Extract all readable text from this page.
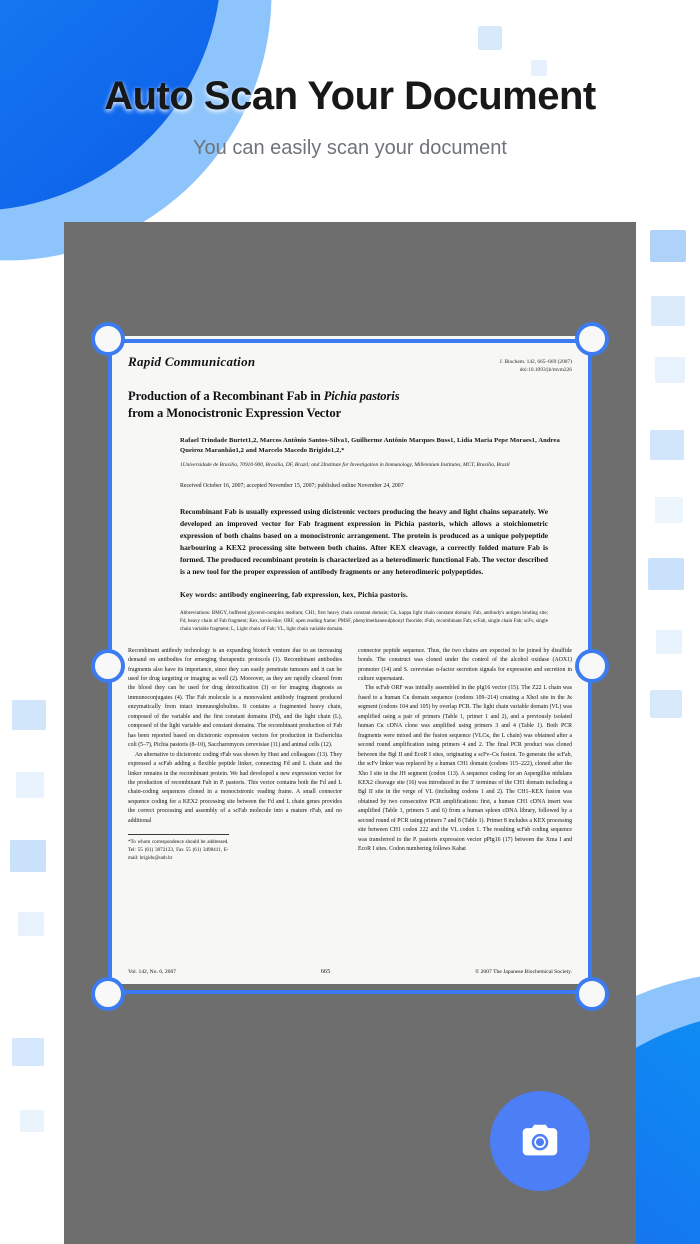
Auto Scan Your Document

You can easily scan your document

Rapid Communication	J. Biochem. 142, 665–669 (2007)
doi:10.1093/jb/mvm226
Production of a Recombinant Fab in Pichia pastoris
from a Monocistronic Expression Vector
Rafael Trindade Burtet1,2, Marcos Antônio Santos-Silva1, Guilherme Antônio Marques Buss1, Lídia Maria Pepe Moraes1, Andrea Queiroz Maranhão1,2 and Marcelo Macedo Brigido1,2,*
1Universidade de Brasília, 70910-900, Brasília, DF, Brazil; and 2Institute for Investigation in Immunology, Millennium Institutes, MCT, Brasília, Brazil
Received October 16, 2007; accepted November 15, 2007; published online November 24, 2007
Recombinant Fab is usually expressed using dicistronic vectors producing the heavy and light chains separately. We developed an improved vector for Fab fragment expression in Pichia pastoris, which allows a stoichiometric expression of both chains based on a monocistronic arrangement. The protein is produced as a unique polypeptide harbouring a KEX2 processing site between both chains. After KEX cleavage, a correctly folded mature Fab is formed. The produced recombinant protein is characterized as a heterodimeric functional Fab. The vector described is a new tool for the proper expression of antibody fragments or any heterodimeric polypeptides.
Key words: antibody engineering, fab expression, kex, Pichia pastoris.
Abbreviations: BMGY, buffered glycerol-complex medium; CH1, first heavy chain constant domain; Cĸ, kappa light chain constant domain; Fab, antibody's antigen binding site; Fd, heavy chain of Fab fragment; Kex, kexin-like; ORF, open reading frame; PMSF, phenylmethanesulphonyl fluoride; rFab, recombinant Fab; scFab, single chain Fab; scFv, single chain variable fragment; L, Light chain of Fab; VL, light chain variable domain.

Recombinant antibody technology is an expanding biotech venture due to an increasing demand on antibodies for emerging therapeutic protocols (1). Recombinant antibodies fragments also have its importance, since they can easily penetrate tumours and it can be used for drug targeting or imaging as well (2). Moreover, as they are rapidly cleared from the blood they can be used for drug detoxification (3) or for imaging diagnosis as immunoconjugates (4). The Fab molecule is a monovalent antibody fragment produced enzymatically from intact immunoglobulins. It contains a fragmented heavy chain, composed of the variable and the first constant domains (Fd), and the light chain (L), composed of the light variable and constant domains. The recombinant production of Fab has been reported based on dicistronic expression vectors for production in Escherichia coli (5–7), Pichia pastoris (8–10), Saccharomyces cerevisiae (11) and animal cells (12).

An alternative to dicistronic coding rFab was shown by Hust and colleagues (13). They expressed a scFab adding a flexible peptide linker, connecting Fd and L chain and the linker remains in the recombinant protein. We had developed a new expression vector for the production of recombinant Fab in P. pastoris. This vector contains both the Fd and L chain-coding sequences cloned in a monocistronic reading frame. A small connector sequence coding for a KEX2 processing site between the Fd and L chain genes provides the correct processing and assembly of a scFab molecule into a mature rFab, and no additional

*To whom correspondence should be addressed. Tel: 55 (61) 3072123, Fax 55 (61) 3498411, E-mail: brigido@unb.br

connector peptide sequence. Thus, the two chains are expected to be joined by disulfide bonds. The construct was cloned under the control of the alcohol oxidase (AOX1) promoter (14) and S. cerevisiae α-factor secretion signals for expression and secretion in culture supernatant.

The scFab ORF was initially assembled in the pIg16 vector (15). The Z22 L chain was fused to a human Cĸ domain sequence (codons 109–214) creating a XhoI site in the Jĸ segment (codons 104 and 105) by overlap PCR. The light chain variable domain (VL) was amplified using a pair of primers (Table 1, primer 1 and 2), and a previously isolated human Cĸ cDNA clone was amplified using primers 3 and 4 (Table 1). Both PCR fragments were mixed and the fusion sequence (VLCĸ, the L chain) was obtained after a second round amplification using primers 4 and 2. The final PCR product was cloned between the Bgl II and EcoR I sites, originating a scFv–Cĸ fusion. To generate the scFab, the scFv linker was replaced by a human CH1 domain (codons 115–222), cloned after the Xho I site in the JH segment (codon 113). A sequence coding for an Aspergillus nidulans KEX2 cleavage site (16) was introduced in the 3′ terminus of the CH1 domain including a Bgl II site in the verge of VL (including codons 1 and 2). The CH1–KEX fusion was obtained by two consecutive PCR amplifications: first, a human CH1 cDNA insert was amplified (Table 1, primers 5 and 6) from a human spleen cDNA library, followed by a second round of PCR using primers 7 and 8 (Table 1). Primer 8 includes a KEX processing site between CH1 codon 222 and the VL codon 1. The resulting scFab coding sequence was transferred to the P. pastoris expression vector pPIg16 (17) between the Xma I and EcoR I sites. Codon numbering follows Kabat

Vol. 142, No. 6, 2007	665	© 2007 The Japanese Biochemical Society.
